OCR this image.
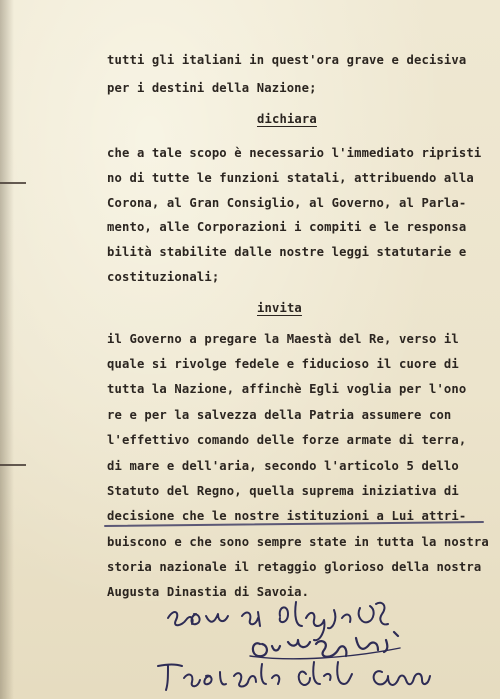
tutti gli italiani in quest'ora grave e decisiva
per i destini della Nazione;
dichiara
che a tale scopo è necessario l'immediato ripristi
no di tutte le funzioni statali, attribuendo alla
Corona, al Gran Consiglio, al Governo, al Parla-
mento, alle Corporazioni i compiti e le responsa
bilità stabilite dalle nostre leggi statutarie e
costituzionali;
invita
il Governo a pregare la Maestà del Re, verso il
quale si rivolge fedele e fiducioso il cuore di
tutta la Nazione, affinchè Egli voglia per l'ono
re e per la salvezza della Patria assumere con
l'effettivo comando delle forze armate di terra,
di mare e dell'aria, secondo l'articolo 5 dello
Statuto del Regno, quella suprema iniziativa di
decisione che le nostre istituzioni a Lui attri-
buiscono e che sono sempre state in tutta la nostra
storia nazionale il retaggio glorioso della nostra
Augusta Dinastia di Savoia.
